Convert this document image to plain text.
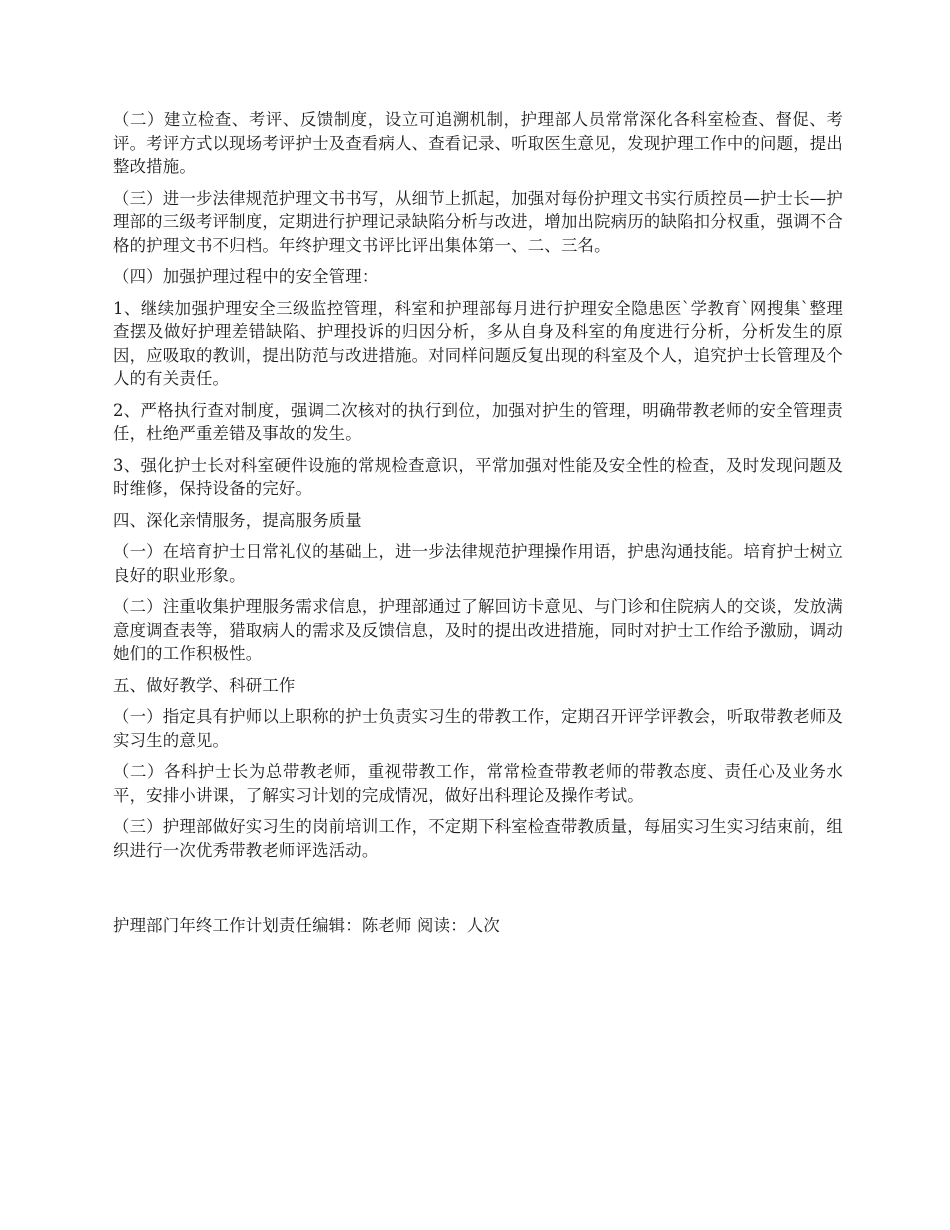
（二）建立检查、考评、反馈制度，设立可追溯机制，护理部人员常常深化各科室检查、督促、考评。考评方式以现场考评护士及查看病人、查看记录、听取医生意见，发现护理工作中的问题，提出整改措施。

（三）进一步法律规范护理文书书写，从细节上抓起，加强对每份护理文书实行质控员—护士长—护理部的三级考评制度，定期进行护理记录缺陷分析与改进，增加出院病历的缺陷扣分权重，强调不合格的护理文书不归档。年终护理文书评比评出集体第一、二、三名。

（四）加强护理过程中的安全管理：

1、继续加强护理安全三级监控管理，科室和护理部每月进行护理安全隐患医`学教育`网搜集`整理查摆及做好护理差错缺陷、护理投诉的归因分析，多从自身及科室的角度进行分析，分析发生的原因，应吸取的教训，提出防范与改进措施。对同样问题反复出现的科室及个人，追究护士长管理及个人的有关责任。

2、严格执行查对制度，强调二次核对的执行到位，加强对护生的管理，明确带教老师的安全管理责任，杜绝严重差错及事故的发生。

3、强化护士长对科室硬件设施的常规检查意识，平常加强对性能及安全性的检查，及时发现问题及时维修，保持设备的完好。

四、深化亲情服务，提高服务质量

（一）在培育护士日常礼仪的基础上，进一步法律规范护理操作用语，护患沟通技能。培育护士树立良好的职业形象。

（二）注重收集护理服务需求信息，护理部通过了解回访卡意见、与门诊和住院病人的交谈，发放满意度调查表等，猎取病人的需求及反馈信息，及时的提出改进措施，同时对护士工作给予激励，调动她们的工作积极性。

五、做好教学、科研工作

（一）指定具有护师以上职称的护士负责实习生的带教工作，定期召开评学评教会，听取带教老师及实习生的意见。

（二）各科护士长为总带教老师，重视带教工作，常常检查带教老师的带教态度、责任心及业务水平，安排小讲课，了解实习计划的完成情况，做好出科理论及操作考试。

（三）护理部做好实习生的岗前培训工作，不定期下科室检查带教质量，每届实习生实习结束前，组织进行一次优秀带教老师评选活动。

护理部门年终工作计划责任编辑：陈老师 阅读：人次
